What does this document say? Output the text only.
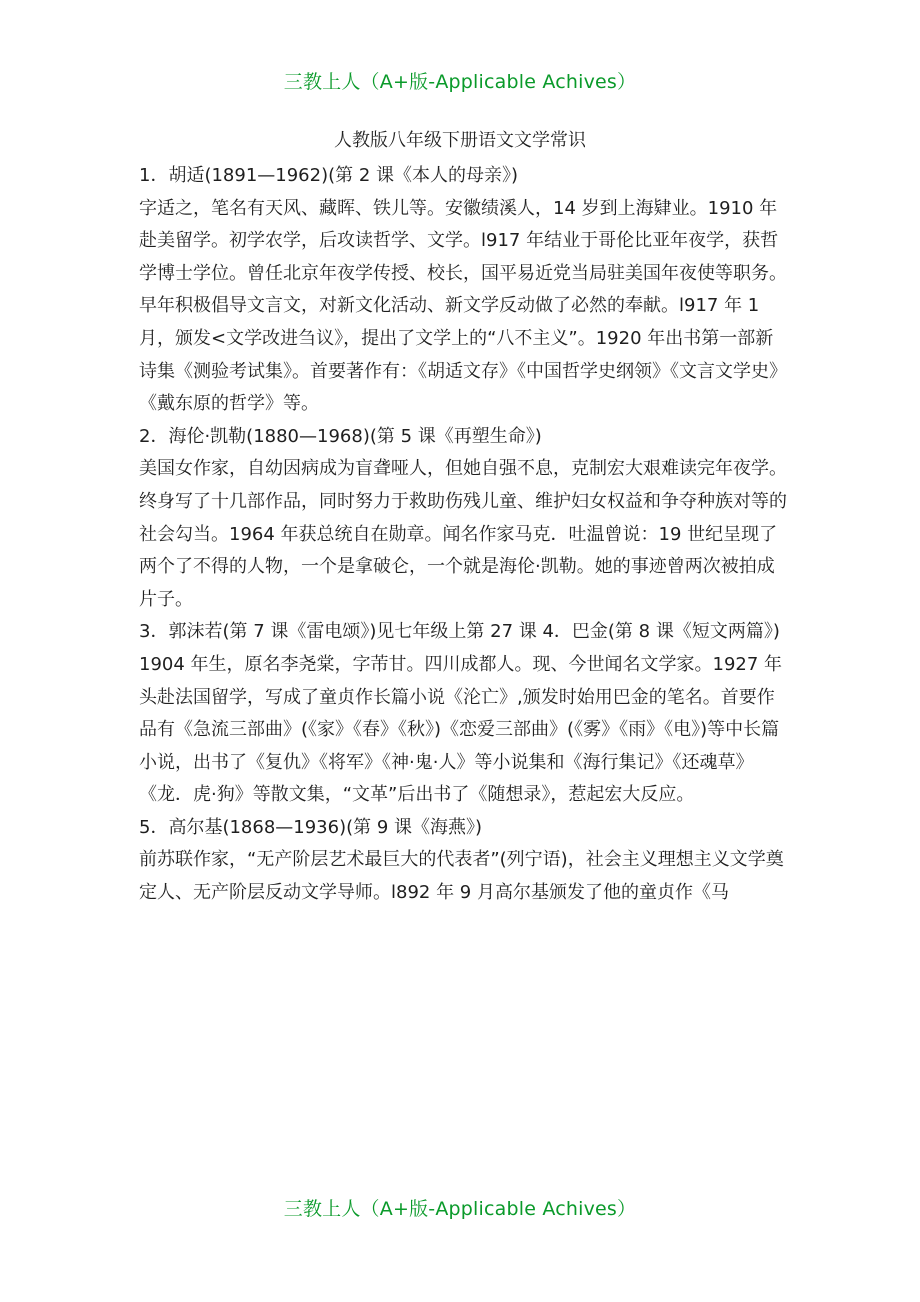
三教上人（A+版-Applicable Achives）
人教版八年级下册语文文学常识

1．胡适(1891—1962)(第 2 课《本人的母亲》)

字适之，笔名有天风、藏晖、铁儿等。安徽绩溪人，14 岁到上海肄业。1910 年赴美留学。初学农学，后攻读哲学、文学。l917 年结业于哥伦比亚年夜学，获哲学博士学位。曾任北京年夜学传授、校长，国平易近党当局驻美国年夜使等职务。早年积极倡导文言文，对新文化活动、新文学反动做了必然的奉献。l917 年 1 月，颁发<文学改进刍议》，提出了文学上的“八不主义”。1920 年出书第一部新诗集《测验考试集》。首要著作有：《胡适文存》《中国哲学史纲领》《文言文学史》《戴东原的哲学》等。

2．海伦·凯勒(1880—1968)(第 5 课《再塑生命》)

美国女作家，自幼因病成为盲聋哑人，但她自强不息，克制宏大艰难读完年夜学。终身写了十几部作品，同时努力于救助伤残儿童、维护妇女权益和争夺种族对等的社会勾当。1964 年获总统自在勋章。闻名作家马克．吐温曾说：19 世纪呈现了两个了不得的人物，一个是拿破仑，一个就是海伦·凯勒。她的事迹曾两次被拍成片子。

3．郭沫若(第 7 课《雷电颂》)见七年级上第 27 课 4．巴金(第 8 课《短文两篇》)

1904 年生，原名李尧棠，字芾甘。四川成都人。现、今世闻名文学家。1927 年头赴法国留学，写成了童贞作长篇小说《沦亡》,颁发时始用巴金的笔名。首要作品有《急流三部曲》(《家》《春》《秋》)《恋爱三部曲》(《雾》《雨》《电》)等中长篇小说，出书了《复仇》《将军》《神·鬼·人》等小说集和《海行集记》《还魂草》《龙．虎·狗》等散文集，“文革”后出书了《随想录》，惹起宏大反应。

5．高尔基(1868—1936)(第 9 课《海燕》)

前苏联作家，“无产阶层艺术最巨大的代表者”(列宁语)，社会主义理想主义文学奠定人、无产阶层反动文学导师。l892 年 9 月高尔基颁发了他的童贞作《马

三教上人（A+版-Applicable Achives）
